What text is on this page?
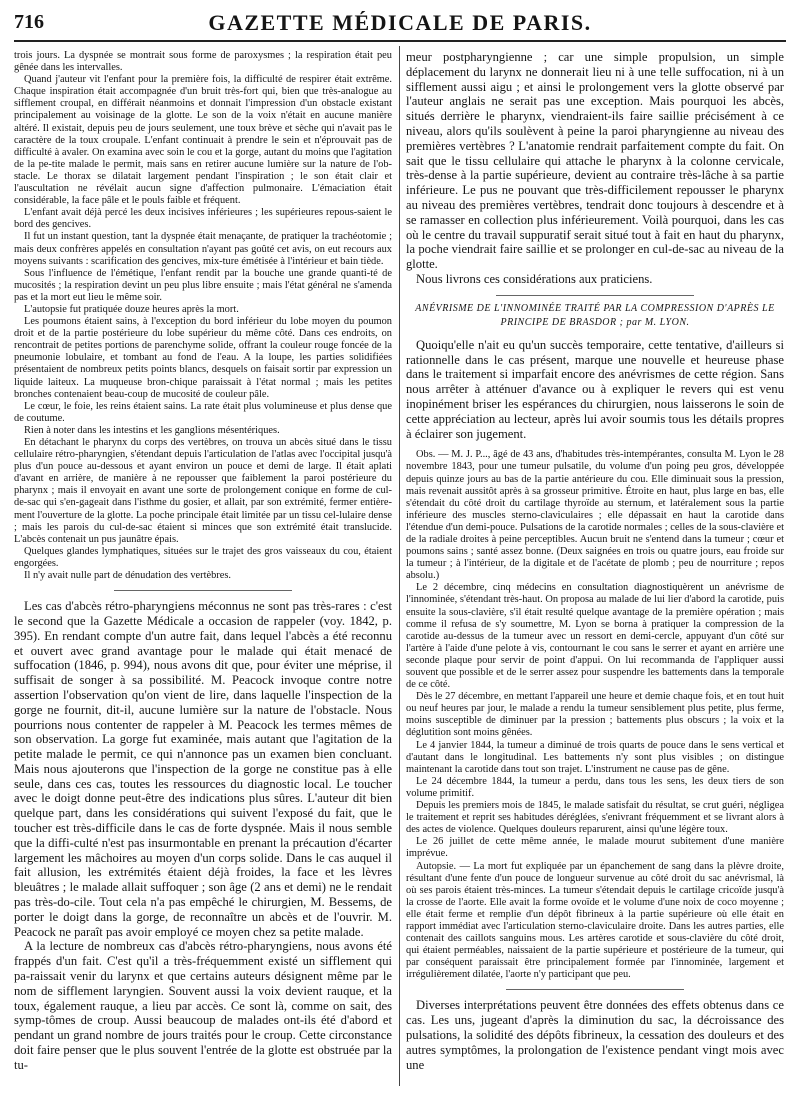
716	GAZETTE MÉDICALE DE PARIS.

trois jours. La dyspnée se montrait sous forme de paroxysmes ; la respiration était peu gênée dans les intervalles.

Quand j'auteur vit l'enfant pour la première fois, la difficulté de respirer était extrême. Chaque inspiration était accompagnée d'un bruit très-fort qui, bien que très-analogue au sifflement croupal, en différait néanmoins et donnait l'impression d'un obstacle existant principalement au voisinage de la glotte. Le son de la voix n'était en aucune manière altéré. Il existait, depuis peu de jours seulement, une toux brève et sèche qui n'avait pas le caractère de la toux croupale. L'enfant continuait à prendre le sein et n'éprouvait pas de difficulté à avaler. On examina avec soin le cou et la gorge, autant du moins que l'agitation de la pe-tite malade le permit, mais sans en retirer aucune lumière sur la nature de l'ob-stacle. Le thorax se dilatait largement pendant l'inspiration ; le son était clair et l'auscultation ne révélait aucun signe d'affection pulmonaire. L'émaciation était considérable, la face pâle et le pouls faible et fréquent.

L'enfant avait déjà percé les deux incisives inférieures ; les supérieures repous-saient le bord des gencives.

Il fut un instant question, tant la dyspnée était menaçante, de pratiquer la trachéotomie ; mais deux confrères appelés en consultation n'ayant pas goûté cet avis, on eut recours aux moyens suivants : scarification des gencives, mix-ture émétisée à l'intérieur et bain tiède.

Sous l'influence de l'émétique, l'enfant rendit par la bouche une grande quanti-té de mucosités ; la respiration devint un peu plus libre ensuite ; mais l'état général ne s'amenda pas et la mort eut lieu le même soir.

L'autopsie fut pratiquée douze heures après la mort.

Les poumons étaient sains, à l'exception du bord inférieur du lobe moyen du poumon droit et de la partie postérieure du lobe supérieur du même côté. Dans ces endroits, on rencontrait de petites portions de parenchyme solide, offrant la couleur rouge foncée de la pneumonie lobulaire, et tombant au fond de l'eau. A la loupe, les parties solidifiées présentaient de nombreux petits points blancs, desquels on faisait sortir par expression un liquide laiteux. La muqueuse bron-chique paraissait à l'état normal ; mais les petites bronches contenaient beau-coup de mucosité de couleur pâle.

Le cœur, le foie, les reins étaient sains. La rate était plus volumineuse et plus dense que de coutume.

Rien à noter dans les intestins et les ganglions mésentériques.

En détachant le pharynx du corps des vertèbres, on trouva un abcès situé dans le tissu cellulaire rétro-pharyngien, s'étendant depuis l'articulation de l'atlas avec l'occipital jusqu'à plus d'un pouce au-dessous et ayant environ un pouce et demi de large. Il était aplati d'avant en arrière, de manière à ne repousser que faiblement la paroi postérieure du pharynx ; mais il envoyait en avant une sorte de prolongement conique en forme de cul-de-sac qui s'en-gageait dans l'isthme du gosier, et allait, par son extrémité, fermer entière-ment l'ouverture de la glotte. La poche principale était limitée par un tissu cel-lulaire dense ; mais les parois du cul-de-sac étaient si minces que son extrémité était translucide. L'abcès contenait un pus jaunâtre épais.

Quelques glandes lymphatiques, situées sur le trajet des gros vaisseaux du cou, étaient engorgées.

Il n'y avait nulle part de dénudation des vertèbres.

Les cas d'abcès rétro-pharyngiens méconnus ne sont pas très-rares : c'est le second que la Gazette Médicale a occasion de rappeler (voy. 1842, p. 395). En rendant compte d'un autre fait, dans lequel l'abcès a été reconnu et ouvert avec grand avantage pour le malade qui était menacé de suffocation (1846, p. 994), nous avons dit que, pour éviter une méprise, il suffisait de songer à sa possibilité. M. Peacock invoque contre notre assertion l'observation qu'on vient de lire, dans laquelle l'inspection de la gorge ne fournit, dit-il, aucune lumière sur la nature de l'obstacle. Nous pourrions nous contenter de rappeler à M. Peacock les termes mêmes de son observation. La gorge fut examinée, mais autant que l'agitation de la petite malade le permit, ce qui n'annonce pas un examen bien concluant. Mais nous ajouterons que l'inspection de la gorge ne constitue pas à elle seule, dans ces cas, toutes les ressources du diagnostic local. Le toucher avec le doigt donne peut-être des indications plus sûres. L'auteur dit bien quelque part, dans les considérations qui suivent l'exposé du fait, que le toucher est très-difficile dans le cas de forte dyspnée. Mais il nous semble que la diffi-culté n'est pas insurmontable en prenant la précaution d'écarter largement les mâchoires au moyen d'un corps solide. Dans le cas auquel il fait allusion, les extrémités étaient déjà froides, la face et les lèvres bleuâtres ; le malade allait suffoquer ; son âge (2 ans et demi) ne le rendait pas très-do-cile. Tout cela n'a pas empêché le chirurgien, M. Bessems, de porter le doigt dans la gorge, de reconnaître un abcès et de l'ouvrir. M. Peacock ne paraît pas avoir employé ce moyen chez sa petite malade.

A la lecture de nombreux cas d'abcès rétro-pharyngiens, nous avons été frappés d'un fait. C'est qu'il a très-fréquemment existé un sifflement qui pa-raissait venir du larynx et que certains auteurs désignent même par le nom de sifflement laryngien. Souvent aussi la voix devient rauque, et la toux, également rauque, a lieu par accès. Ce sont là, comme on sait, des symp-tômes de croup. Aussi beaucoup de malades ont-ils été d'abord et pendant un grand nombre de jours traités pour le croup. Cette circonstance doit faire penser que le plus souvent l'entrée de la glotte est obstruée par la tu-

meur postpharyngienne ; car une simple propulsion, un simple déplacement du larynx ne donnerait lieu ni à une telle suffocation, ni à un sifflement aussi aigu ; et ainsi le prolongement vers la glotte observé par l'auteur anglais ne serait pas une exception. Mais pourquoi les abcès, situés derrière le pharynx, viendraient-ils faire saillie précisément à ce niveau, alors qu'ils soulèvent à peine la paroi pharyngienne au niveau des premières vertèbres ? L'anatomie rendrait parfaitement compte du fait. On sait que le tissu cellulaire qui attache le pharynx à la colonne cervicale, très-dense à la partie supérieure, devient au contraire très-lâche à sa partie inférieure. Le pus ne pouvant que très-difficilement repousser le pharynx au niveau des premières vertèbres, tendrait donc toujours à descendre et à se ramasser en collection plus inférieurement. Voilà pourquoi, dans les cas où le centre du travail suppuratif serait situé tout à fait en haut du pharynx, la poche viendrait faire saillie et se prolonger en cul-de-sac au niveau de la glotte.

Nous livrons ces considérations aux praticiens.

ANÉVRISME DE L'INNOMINÉE TRAITÉ PAR LA COMPRESSION D'APRÈS LE PRINCIPE DE BRASDOR ; par M. LYON.

Quoiqu'elle n'ait eu qu'un succès temporaire, cette tentative, d'ailleurs si rationnelle dans le cas présent, marque une nouvelle et heureuse phase dans le traitement si imparfait encore des anévrismes de cette région. Sans nous arrêter à atténuer d'avance ou à expliquer le revers qui est venu inopinément briser les espérances du chirurgien, nous laisserons le soin de cette appréciation au lecteur, après lui avoir soumis tous les détails propres à éclairer son jugement.

Obs. — M. J. P..., âgé de 43 ans, d'habitudes très-intempérantes, consulta M. Lyon le 28 novembre 1843, pour une tumeur pulsatile, du volume d'un poing peu gros, développée depuis quinze jours au bas de la partie antérieure du cou. Elle diminuait sous la pression, mais revenait aussitôt après à sa grosseur primitive. Étroite en haut, plus large en bas, elle s'étendait du côté droit du cartilage thyroïde au sternum, et latéralement sous la partie inférieure des muscles sterno-claviculaires ; elle dépassait en haut la carotide dans l'étendue d'un demi-pouce. Pulsations de la carotide normales ; celles de la sous-clavière et de la radiale droites à peine perceptibles. Aucun bruit ne s'entend dans la tumeur ; cœur et poumons sains ; santé assez bonne. (Deux saignées en trois ou quatre jours, eau froide sur la tumeur ; à l'intérieur, de la digitale et de l'acétate de plomb ; peu de nourriture ; repos absolu.)

Le 2 décembre, cinq médecins en consultation diagnostiquèrent un anévrisme de l'innominée, s'étendant très-haut. On proposa au malade de lui lier d'abord la carotide, puis ensuite la sous-clavière, s'il était resulté quelque avantage de la première opération ; mais comme il refusa de s'y soumettre, M. Lyon se borna à pratiquer la compression de la carotide au-dessus de la tumeur avec un ressort en demi-cercle, appuyant d'un côté sur l'artère à l'aide d'une pelote à vis, contournant le cou sans le serrer et ayant en arrière une seconde plaque pour servir de point d'appui. On lui recommanda de l'appliquer aussi souvent que possible et de le serrer assez pour suspendre les battements dans la temporale de ce côté.

Dès le 27 décembre, en mettant l'appareil une heure et demie chaque fois, et en tout huit ou neuf heures par jour, le malade a rendu la tumeur sensiblement plus petite, plus ferme, moins susceptible de diminuer par la pression ; battements plus obscurs ; la voix et la déglutition sont moins gênées.

Le 4 janvier 1844, la tumeur a diminué de trois quarts de pouce dans le sens vertical et d'autant dans le longitudinal. Les battements n'y sont plus visibles ; on distingue maintenant la carotide dans tout son trajet. L'instrument ne cause pas de gêne.

Le 24 décembre 1844, la tumeur a perdu, dans tous les sens, les deux tiers de son volume primitif.

Depuis les premiers mois de 1845, le malade satisfait du résultat, se crut guéri, négligea le traitement et reprit ses habitudes déréglées, s'enivrant fréquemment et se livrant alors à des actes de violence. Quelques douleurs reparurent, ainsi qu'une légère toux.

Le 26 juillet de cette même année, le malade mourut subitement d'une manière imprévue.

Autopsie. — La mort fut expliquée par un épanchement de sang dans la plèvre droite, résultant d'une fente d'un pouce de longueur survenue au côté droit du sac anévrismal, là où ses parois étaient très-minces. La tumeur s'étendait depuis le cartilage cricoïde jusqu'à la crosse de l'aorte. Elle avait la forme ovoïde et le volume d'une noix de coco moyenne ; elle était ferme et remplie d'un dépôt fibrineux à la partie supérieure où elle était en rapport immédiat avec l'articulation sterno-claviculaire droite. Dans les autres parties, elle contenait des caillots sanguins mous. Les artères carotide et sous-clavière du côté droit, qui étaient perméables, naissaient de la partie supérieure et postérieure de la tumeur, qui par conséquent paraissait être principalement formée par l'innominée, largement et irrégulièrement dilatée, l'aorte n'y participant que peu.

Diverses interprétations peuvent être données des effets obtenus dans ce cas. Les uns, jugeant d'après la diminution du sac, la décroissance des pulsations, la solidité des dépôts fibrineux, la cessation des douleurs et des autres symptômes, la prolongation de l'existence pendant vingt mois avec une
